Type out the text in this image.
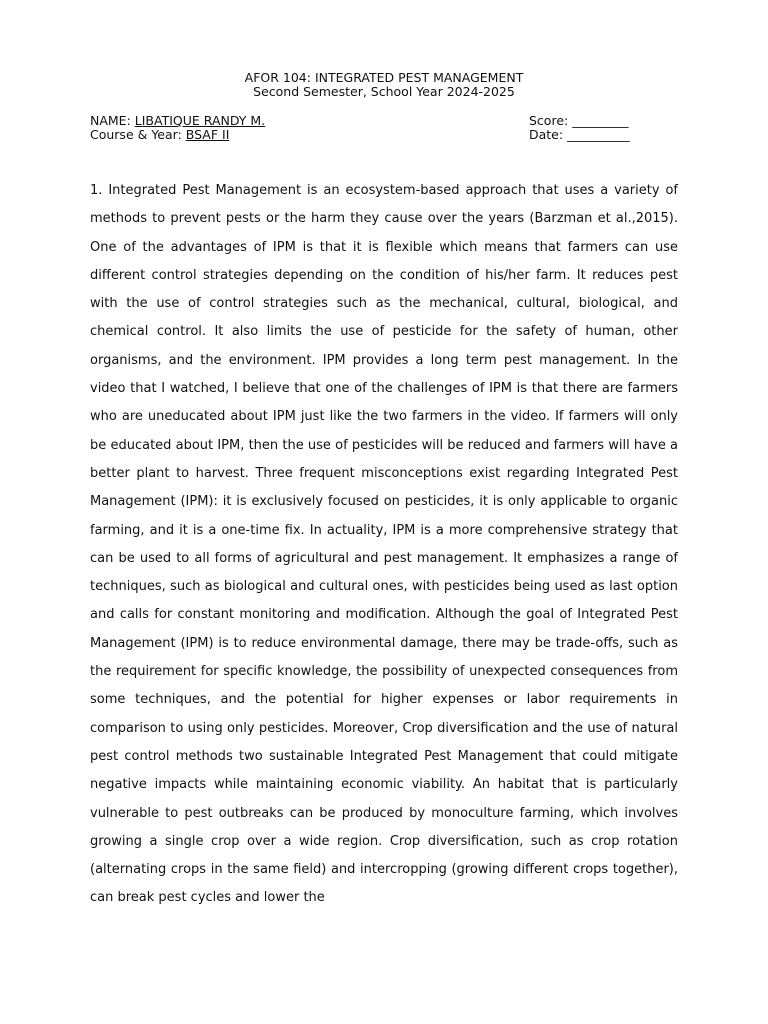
AFOR 104: INTEGRATED PEST MANAGEMENT
Second Semester, School Year 2024-2025
NAME: LIBATIQUE RANDY M.
Course & Year: BSAF II
Score: _________
Date: __________

1. Integrated Pest Management is an ecosystem-based approach that uses a variety of methods to prevent pests or the harm they cause over the years (Barzman et al.,2015). One of the advantages of IPM is that it is flexible which means that farmers can use different control strategies depending on the condition of his/her farm. It reduces pest with the use of control strategies such as the mechanical, cultural, biological, and chemical control. It also limits the use of pesticide for the safety of human, other organisms, and the environment. IPM provides a long term pest management. In the video that I watched, I believe that one of the challenges of IPM is that there are farmers who are uneducated about IPM just like the two farmers in the video. If farmers will only be educated about IPM, then the use of pesticides will be reduced and farmers will have a better plant to harvest. Three frequent misconceptions exist regarding Integrated Pest Management (IPM): it is exclusively focused on pesticides, it is only applicable to organic farming, and it is a one-time fix. In actuality, IPM is a more comprehensive strategy that can be used to all forms of agricultural and pest management. It emphasizes a range of techniques, such as biological and cultural ones, with pesticides being used as last option and calls for constant monitoring and modification. Although the goal of Integrated Pest Management (IPM) is to reduce environmental damage, there may be trade-offs, such as the requirement for specific knowledge, the possibility of unexpected consequences from some techniques, and the potential for higher expenses or labor requirements in comparison to using only pesticides. Moreover, Crop diversification and the use of natural pest control methods two sustainable Integrated Pest Management that could mitigate negative impacts while maintaining economic viability. An habitat that is particularly vulnerable to pest outbreaks can be produced by monoculture farming, which involves growing a single crop over a wide region. Crop diversification, such as crop rotation (alternating crops in the same field) and intercropping (growing different crops together), can break pest cycles and lower the
